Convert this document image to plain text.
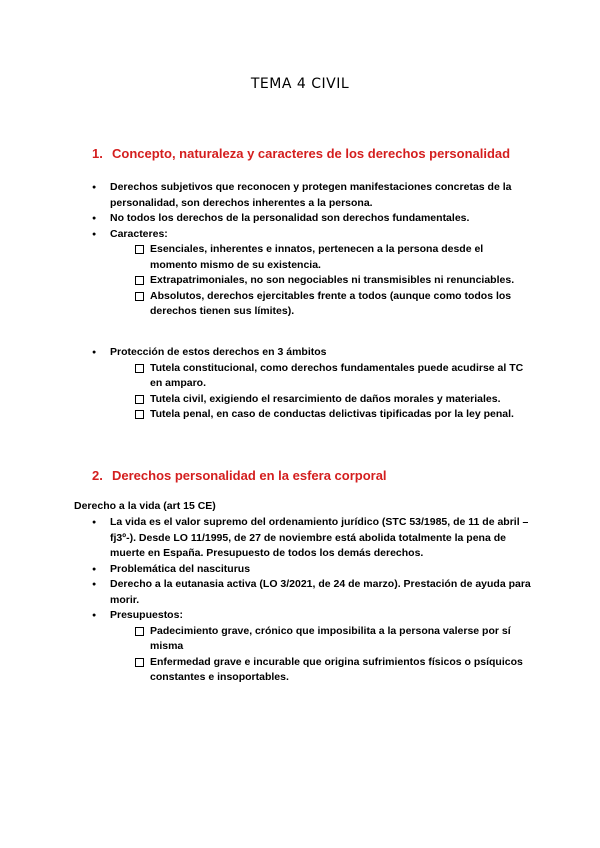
TEMA 4 CIVIL
1. Concepto, naturaleza y caracteres de los derechos personalidad
● Derechos subjetivos que reconocen y protegen manifestaciones concretas de la personalidad, son derechos inherentes a la persona.
● No todos los derechos de la personalidad son derechos fundamentales.
● Caracteres:
Esenciales, inherentes e innatos, pertenecen a la persona desde el momento mismo de su existencia.
Extrapatrimoniales, no son negociables ni transmisibles ni renunciables.
Absolutos, derechos ejercitables frente a todos (aunque como todos los derechos tienen sus límites).
● Protección de estos derechos en 3 ámbitos
Tutela constitucional, como derechos fundamentales puede acudirse al TC en amparo.
Tutela civil, exigiendo el resarcimiento de daños morales y materiales.
Tutela penal, en caso de conductas delictivas tipificadas por la ley penal.
2. Derechos personalidad en la esfera corporal
Derecho a la vida (art 15 CE)
● La vida es el valor supremo del ordenamiento jurídico (STC 53/1985, de 11 de abril –fj3º-). Desde LO 11/1995, de 27 de noviembre está abolida totalmente la pena de muerte en España. Presupuesto de todos los demás derechos.
● Problemática del nasciturus
● Derecho a la eutanasia activa (LO 3/2021, de 24 de marzo). Prestación de ayuda para morir.
● Presupuestos:
Padecimiento grave, crónico que imposibilita a la persona valerse por sí misma
Enfermedad grave e incurable que origina sufrimientos físicos o psíquicos constantes e insoportables.
